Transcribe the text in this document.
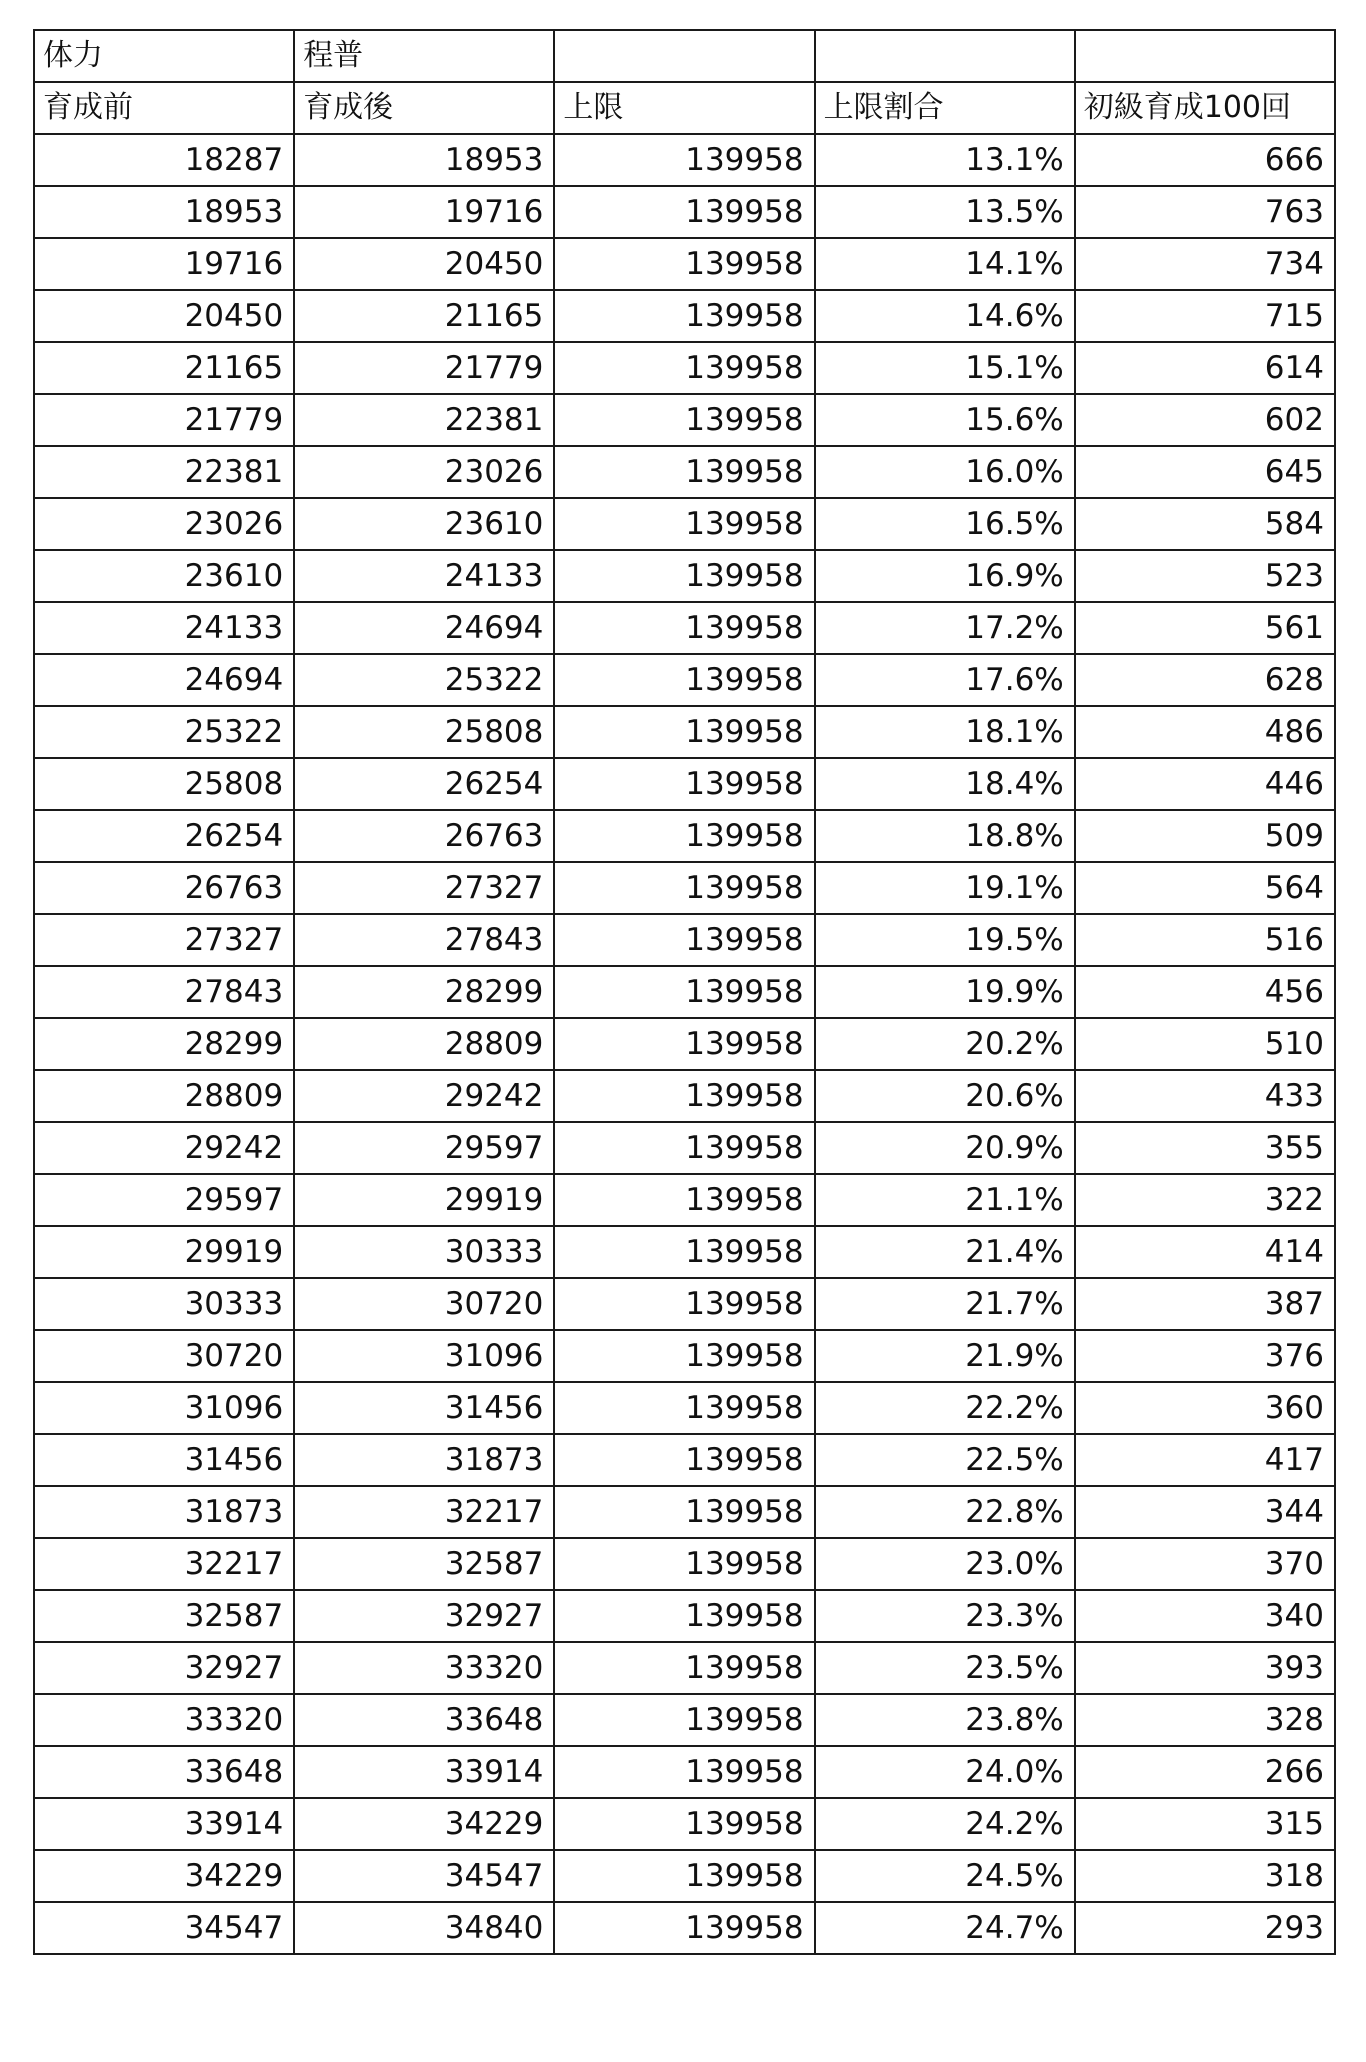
体力	程普			
育成前	育成後	上限	上限割合	初級育成100回
18287	18953	139958	13.1%	666
18953	19716	139958	13.5%	763
19716	20450	139958	14.1%	734
20450	21165	139958	14.6%	715
21165	21779	139958	15.1%	614
21779	22381	139958	15.6%	602
22381	23026	139958	16.0%	645
23026	23610	139958	16.5%	584
23610	24133	139958	16.9%	523
24133	24694	139958	17.2%	561
24694	25322	139958	17.6%	628
25322	25808	139958	18.1%	486
25808	26254	139958	18.4%	446
26254	26763	139958	18.8%	509
26763	27327	139958	19.1%	564
27327	27843	139958	19.5%	516
27843	28299	139958	19.9%	456
28299	28809	139958	20.2%	510
28809	29242	139958	20.6%	433
29242	29597	139958	20.9%	355
29597	29919	139958	21.1%	322
29919	30333	139958	21.4%	414
30333	30720	139958	21.7%	387
30720	31096	139958	21.9%	376
31096	31456	139958	22.2%	360
31456	31873	139958	22.5%	417
31873	32217	139958	22.8%	344
32217	32587	139958	23.0%	370
32587	32927	139958	23.3%	340
32927	33320	139958	23.5%	393
33320	33648	139958	23.8%	328
33648	33914	139958	24.0%	266
33914	34229	139958	24.2%	315
34229	34547	139958	24.5%	318
34547	34840	139958	24.7%	293
